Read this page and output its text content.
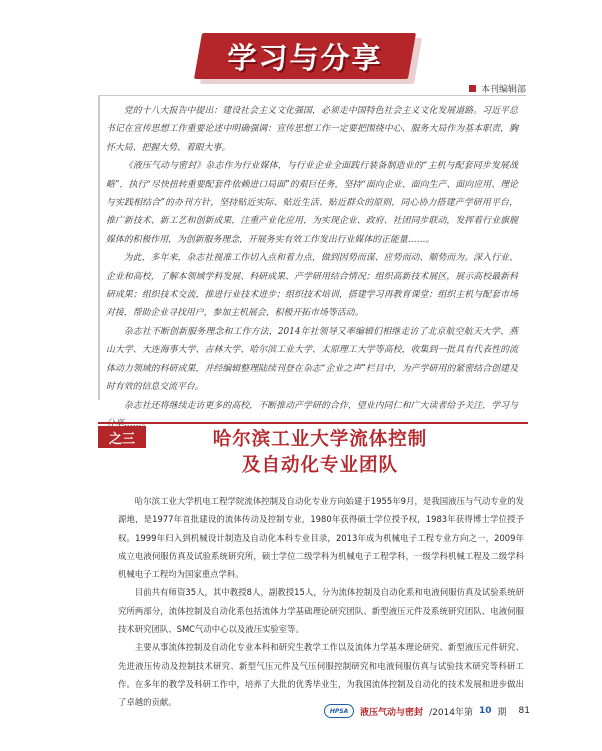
学习与分享
本刊编辑部

党的十八大报告中提出：建设社会主义文化强国，必须走中国特色社会主义文化发展道路。习近平总书记在宣传思想工作重要论述中明确强调：宣传思想工作一定要把围绕中心、服务大局作为基本职责，胸怀大局、把握大势、着眼大事。

《液压气动与密封》杂志作为行业媒体，与行业企业全面践行装备制造业的“主机与配套同步发展战略”，执行“尽快扭转重要配套件依赖进口局面”的艰巨任务，坚持“面向企业、面向生产、面向应用、理论与实践相结合”的办刊方针，坚持贴近实际、贴近生活、贴近群众的原则，同心协力搭建产学研用平台，推广新技术、新工艺和创新成果，注重产业化应用，为实现企业、政府、社团同步联动，发挥着行业旗舰媒体的积极作用，为创新服务理念，开展务实有效工作发出行业媒体的正能量……。

为此，多年来，杂志社视准工作切入点和着力点，做到因势而谋、应势而动、顺势而为。深入行业、企业和高校，了解本领域学科发展、科研成果、产学研用结合情况；组织高新技术展区，展示高校最新科研成果；组织技术交流，推进行业技术进步；组织技术培训，搭建学习再教育课堂；组织主机与配套市场对接，帮助企业寻找用户，参加主机展会，积极开拓市场等活动。

杂志社不断创新服务理念和工作方法，2014年社领导又率编辑们相继走访了北京航空航天大学、燕山大学、大连海事大学、吉林大学、哈尔滨工业大学、太原理工大学等高校，收集到一批具有代表性的流体动力领域的科研成果，并经编辑整理陆续刊登在杂志“企业之声”栏目中，为产学研用的紧密结合创建及时有效的信息交流平台。

杂志社还将继续走访更多的高校，不断推动产学研的合作，望业内同仁和广大读者给予关注，学习与

之三	哈尔滨工业大学流体控制
及自动化专业团队

哈尔滨工业大学机电工程学院流体控制及自动化专业方向始建于1955年9月，是我国液压与气动专业的发源地，是1977年首批建设的流体传动及控制专业，1980年获得硕士学位授予权，1983年获得博士学位授予权。1999年归入到机械设计制造及自动化本科专业目录，2013年成为机械电子工程专业方向之一，2009年成立电液伺服仿真及试验系统研究所，硕士学位二级学科为机械电子工程学科，一级学科机械工程及二级学科机械电子工程均为国家重点学科。

目前共有师资35人，其中教授8人，副教授15人，分为流体控制及自动化系和电液伺服仿真及试验系统研究所两部分，流体控制及自动化系包括流体力学基础理论研究团队、新型液压元件及系统研究团队、电液伺服技术研究团队、SMC气动中心以及液压实验室等。

主要从事流体控制及自动化专业本科和研究生教学工作以及流体力学基本理论研究、新型液压元件研究、先进液压传动及控制技术研究、新型气压元件及气压伺服控制研究和电液伺服仿真与试验技术研究等科研工作。在多年的教学及科研工作中，培养了大批的优秀毕业生，为我国流体控制及自动化的技术发展和进步做出了卓越的贡献。

HPSA 液压气动与密封 /2014年第 10 期 81
